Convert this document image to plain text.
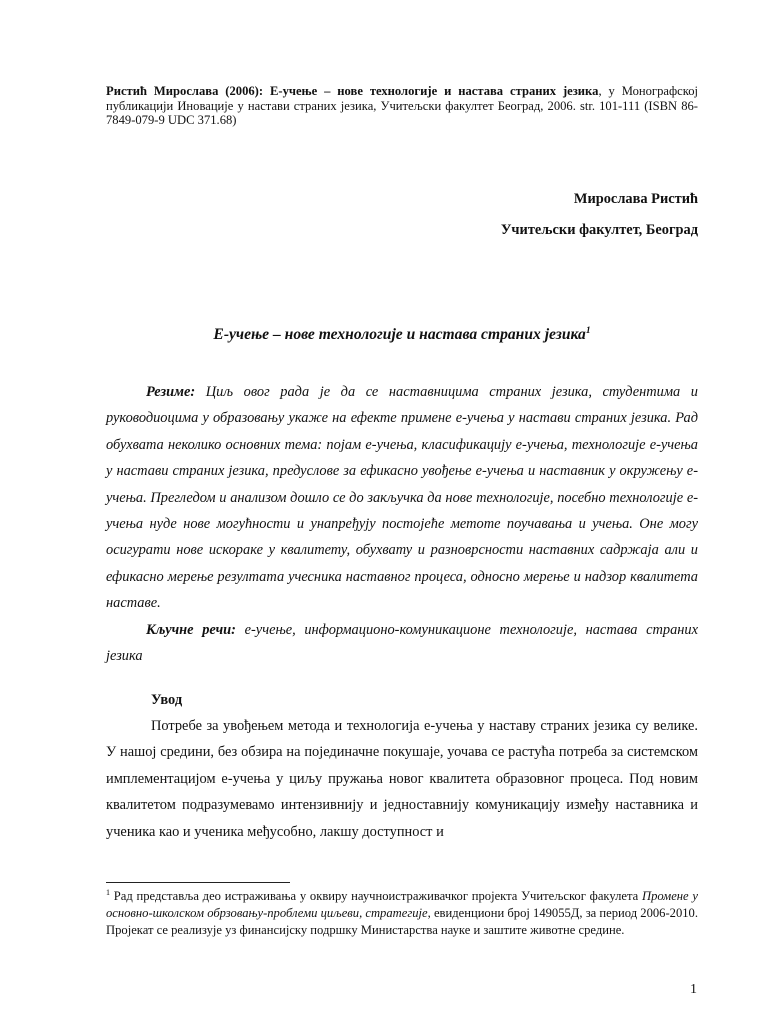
Ристић Мирослава (2006): Е-учење – нове технологије и настава страних језика, у Монографској публикацији Иновације у настави страних језика, Учитељски факултет Београд, 2006. str. 101-111 (ISBN 86-7849-079-9 UDC 371.68)
Мирослава Ристић
Учитељски факултет, Београд
Е-учење – нове технологије и настава страних језика$^1$

Резиме: Циљ овог рада је да се наставницима страних језика, студентима и руководиоцима у образовању укаже на ефекте примене е-учења у настави страних језика. Рад обухвата неколико основних тема: појам е-учења, класификацију е-учења, технологије е-учења у настави страних језика, предуслове за ефикасно увођење е-учења и наставник у окружењу е-учења. Прегледом и анализом дошло се до закључка да нове технологије, посебно технологије е-учења нуде нове могућности и унапређују постојеће метоте поучавања и учења. Оне могу осигурати нове искораке у квалитету, обухвату и разноврсности наставних садржаја али и ефикасно мерење резултата учесника наставног процеса, односно мерење и надзор квалитета наставе.

Кључне речи: е-учење, информационо-комуникационе технологије, настава страних језика

Увод

Потребе за увођењем метода и технологија е-учења у наставу страних језика су велике. У нашој средини, без обзира на појединачне покушаје, уочава се растућа потреба за системском имплементацијом е-учења у циљу пружања новог квалитета образовног процеса. Под новим квалитетом подразумевамо интензивнију и једноставнију комуникацију између наставника и ученика као и ученика међусобно, лакшу доступност и

$^1$ Рад представља део истраживања у оквиру научноистраживачког пројекта Учитељског факулета Промене у основно-школском обрзовању-проблеми циљеви, стратегије, евиденциони број 149055Д, за период 2006-2010. Пројекат се реализује уз финансијску подршку Министарства науке и заштите животне средине.
1
